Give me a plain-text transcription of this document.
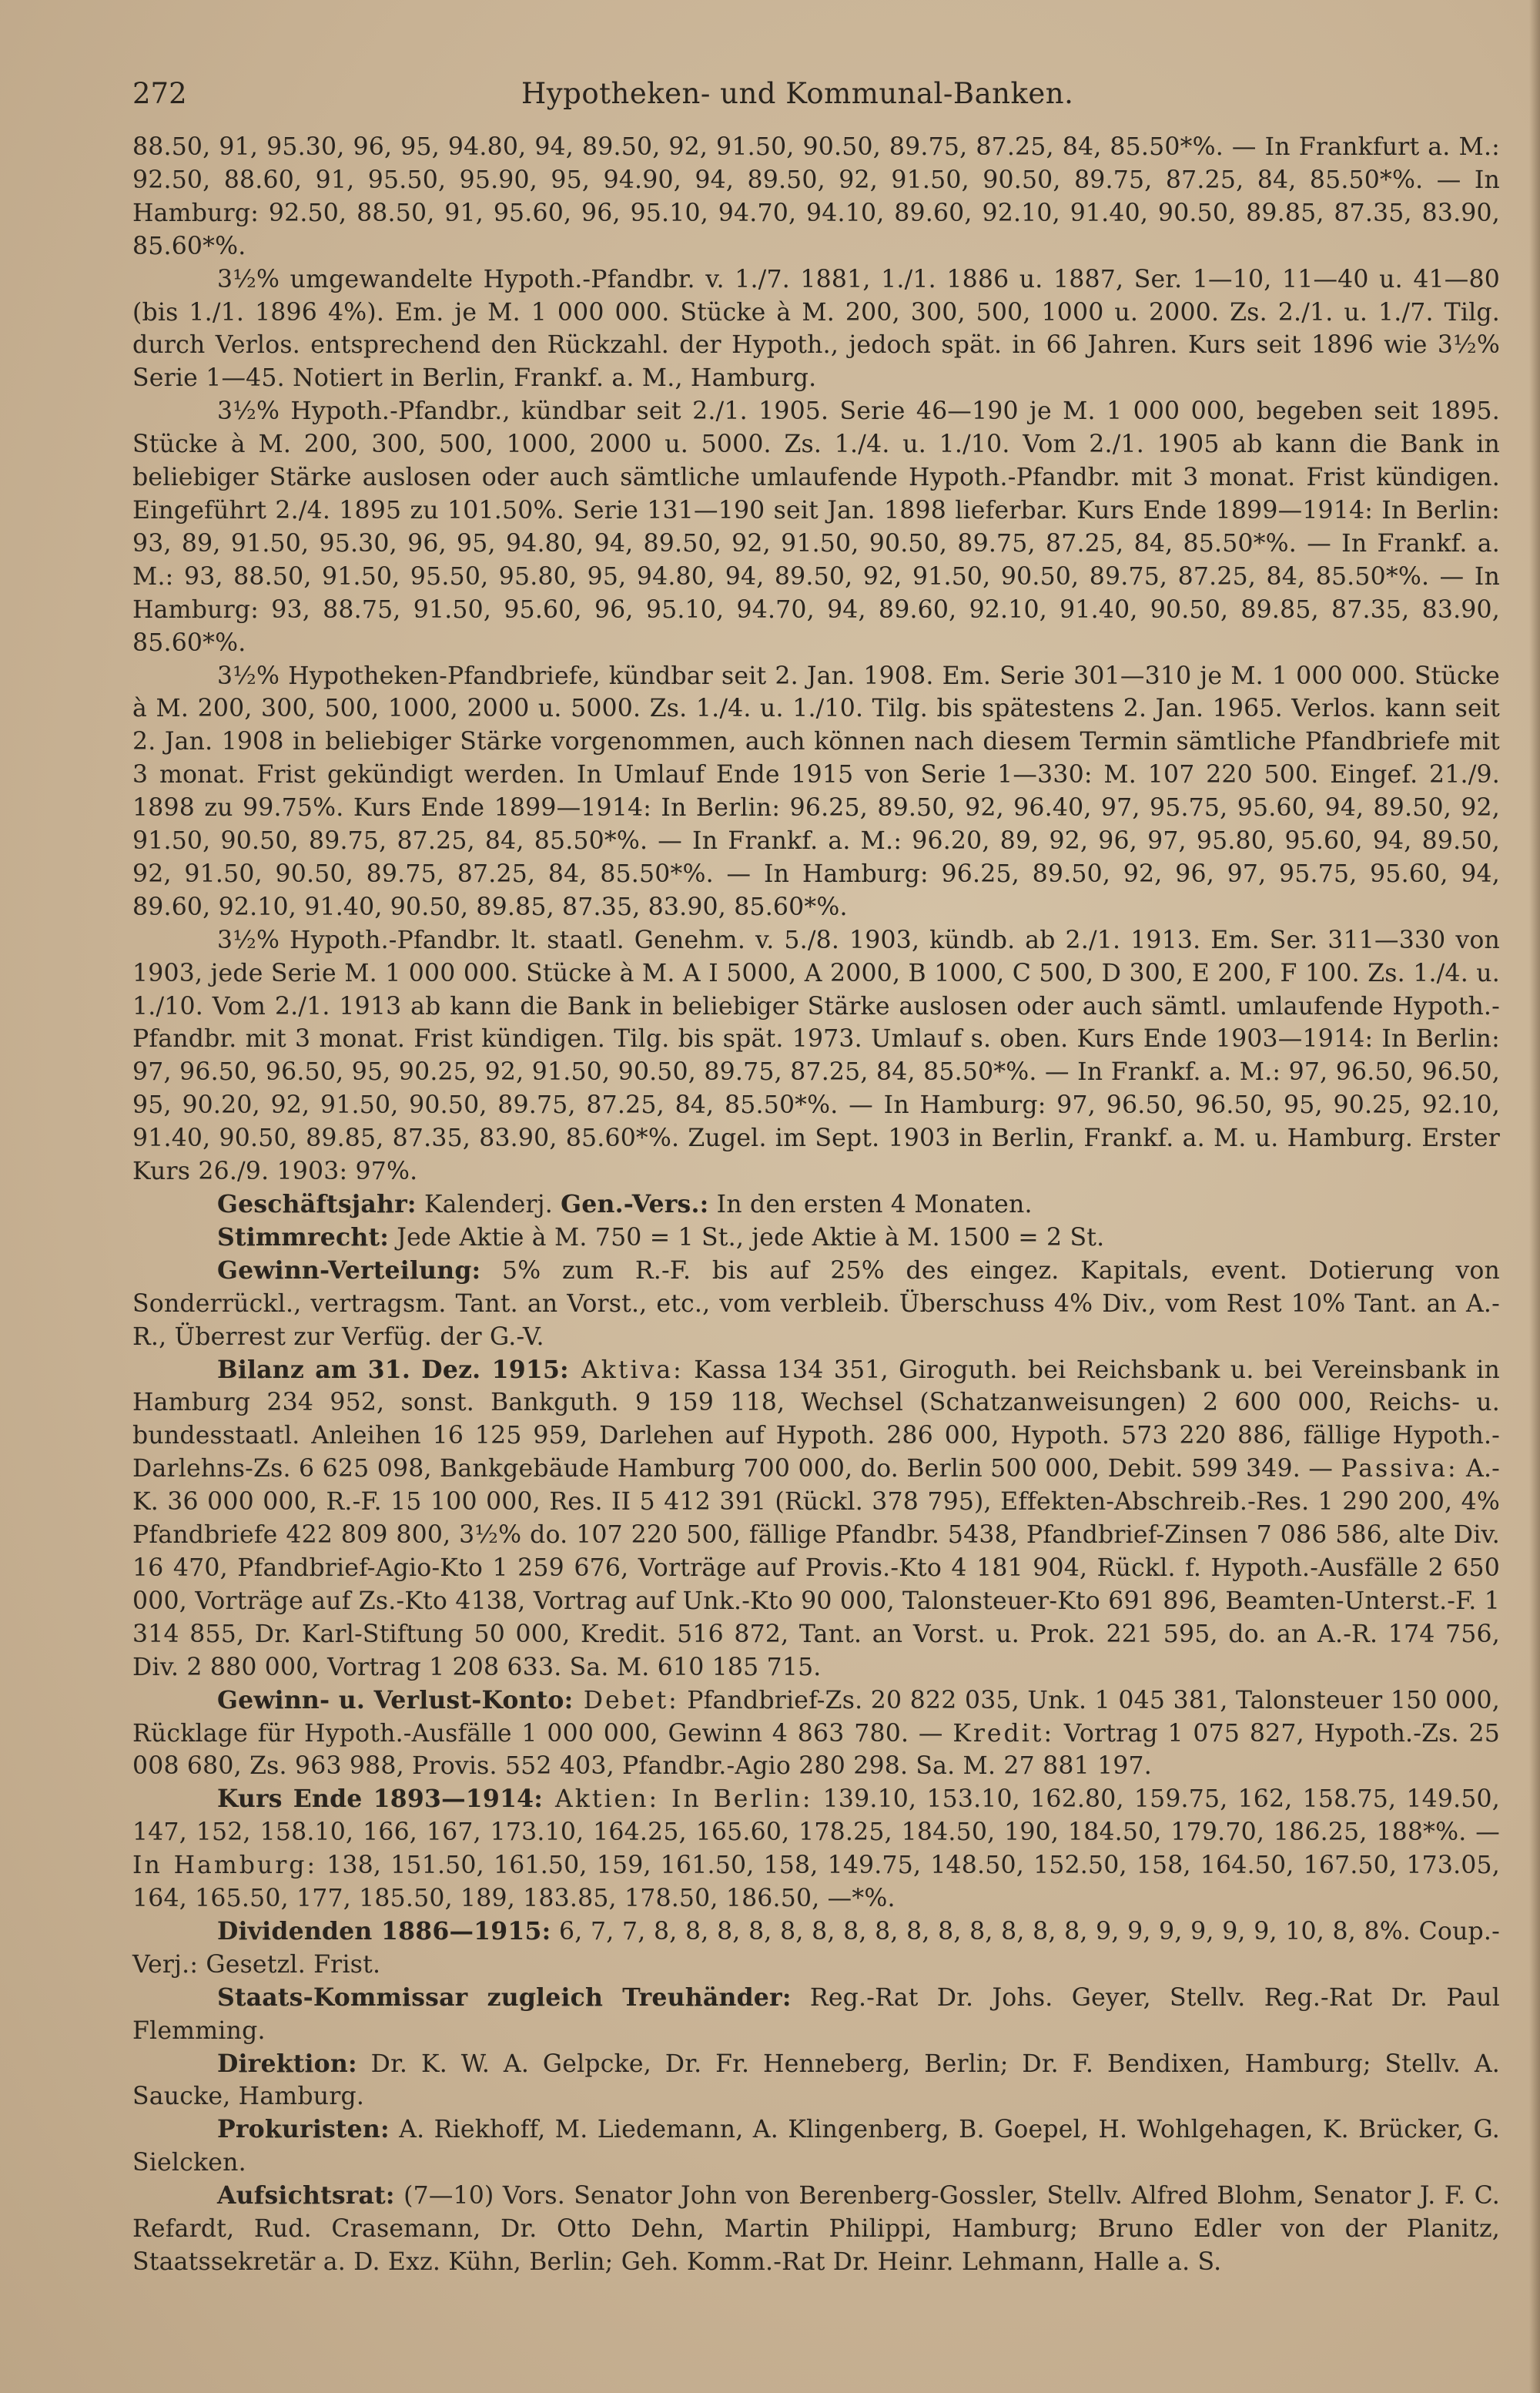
272	Hypotheken- und Kommunal-Banken.

88.50, 91, 95.30, 96, 95, 94.80, 94, 89.50, 92, 91.50, 90.50, 89.75, 87.25, 84, 85.50*%. — In Frankfurt a. M.: 92.50, 88.60, 91, 95.50, 95.90, 95, 94.90, 94, 89.50, 92, 91.50, 90.50, 89.75, 87.25, 84, 85.50*%. — In Hamburg: 92.50, 88.50, 91, 95.60, 96, 95.10, 94.70, 94.10, 89.60, 92.10, 91.40, 90.50, 89.85, 87.35, 83.90, 85.60*%.

3½% umgewandelte Hypoth.-Pfandbr. v. 1./7. 1881, 1./1. 1886 u. 1887, Ser. 1—10, 11—40 u. 41—80 (bis 1./1. 1896 4%). Em. je M. 1 000 000. Stücke à M. 200, 300, 500, 1000 u. 2000. Zs. 2./1. u. 1./7. Tilg. durch Verlos. entsprechend den Rückzahl. der Hypoth., jedoch spät. in 66 Jahren. Kurs seit 1896 wie 3½% Serie 1—45. Notiert in Berlin, Frankf. a. M., Hamburg.

3½% Hypoth.-Pfandbr., kündbar seit 2./1. 1905. Serie 46—190 je M. 1 000 000, begeben seit 1895. Stücke à M. 200, 300, 500, 1000, 2000 u. 5000. Zs. 1./4. u. 1./10. Vom 2./1. 1905 ab kann die Bank in beliebiger Stärke auslosen oder auch sämtliche umlaufende Hypoth.-Pfandbr. mit 3 monat. Frist kündigen. Eingeführt 2./4. 1895 zu 101.50%. Serie 131—190 seit Jan. 1898 lieferbar. Kurs Ende 1899—1914: In Berlin: 93, 89, 91.50, 95.30, 96, 95, 94.80, 94, 89.50, 92, 91.50, 90.50, 89.75, 87.25, 84, 85.50*%. — In Frankf. a. M.: 93, 88.50, 91.50, 95.50, 95.80, 95, 94.80, 94, 89.50, 92, 91.50, 90.50, 89.75, 87.25, 84, 85.50*%. — In Hamburg: 93, 88.75, 91.50, 95.60, 96, 95.10, 94.70, 94, 89.60, 92.10, 91.40, 90.50, 89.85, 87.35, 83.90, 85.60*%.

3½% Hypotheken-Pfandbriefe, kündbar seit 2. Jan. 1908. Em. Serie 301—310 je M. 1 000 000. Stücke à M. 200, 300, 500, 1000, 2000 u. 5000. Zs. 1./4. u. 1./10. Tilg. bis spätestens 2. Jan. 1965. Verlos. kann seit 2. Jan. 1908 in beliebiger Stärke vorgenommen, auch können nach diesem Termin sämtliche Pfandbriefe mit 3 monat. Frist gekündigt werden. In Umlauf Ende 1915 von Serie 1—330: M. 107 220 500. Eingef. 21./9. 1898 zu 99.75%. Kurs Ende 1899—1914: In Berlin: 96.25, 89.50, 92, 96.40, 97, 95.75, 95.60, 94, 89.50, 92, 91.50, 90.50, 89.75, 87.25, 84, 85.50*%. — In Frankf. a. M.: 96.20, 89, 92, 96, 97, 95.80, 95.60, 94, 89.50, 92, 91.50, 90.50, 89.75, 87.25, 84, 85.50*%. — In Hamburg: 96.25, 89.50, 92, 96, 97, 95.75, 95.60, 94, 89.60, 92.10, 91.40, 90.50, 89.85, 87.35, 83.90, 85.60*%.

3½% Hypoth.-Pfandbr. lt. staatl. Genehm. v. 5./8. 1903, kündb. ab 2./1. 1913. Em. Ser. 311—330 von 1903, jede Serie M. 1 000 000. Stücke à M. A I 5000, A 2000, B 1000, C 500, D 300, E 200, F 100. Zs. 1./4. u. 1./10. Vom 2./1. 1913 ab kann die Bank in beliebiger Stärke auslosen oder auch sämtl. umlaufende Hypoth.-Pfandbr. mit 3 monat. Frist kündigen. Tilg. bis spät. 1973. Umlauf s. oben. Kurs Ende 1903—1914: In Berlin: 97, 96.50, 96.50, 95, 90.25, 92, 91.50, 90.50, 89.75, 87.25, 84, 85.50*%. — In Frankf. a. M.: 97, 96.50, 96.50, 95, 90.20, 92, 91.50, 90.50, 89.75, 87.25, 84, 85.50*%. — In Hamburg: 97, 96.50, 96.50, 95, 90.25, 92.10, 91.40, 90.50, 89.85, 87.35, 83.90, 85.60*%. Zugel. im Sept. 1903 in Berlin, Frankf. a. M. u. Hamburg. Erster Kurs 26./9. 1903: 97%.

Geschäftsjahr: Kalenderj. Gen.-Vers.: In den ersten 4 Monaten.

Stimmrecht: Jede Aktie à M. 750 = 1 St., jede Aktie à M. 1500 = 2 St.

Gewinn-Verteilung: 5% zum R.-F. bis auf 25% des eingez. Kapitals, event. Dotierung von Sonderrückl., vertragsm. Tant. an Vorst., etc., vom verbleib. Überschuss 4% Div., vom Rest 10% Tant. an A.-R., Überrest zur Verfüg. der G.-V.

Bilanz am 31. Dez. 1915: Aktiva: Kassa 134 351, Giroguth. bei Reichsbank u. bei Vereinsbank in Hamburg 234 952, sonst. Bankguth. 9 159 118, Wechsel (Schatzanweisungen) 2 600 000, Reichs- u. bundesstaatl. Anleihen 16 125 959, Darlehen auf Hypoth. 286 000, Hypoth. 573 220 886, fällige Hypoth.-Darlehns-Zs. 6 625 098, Bankgebäude Hamburg 700 000, do. Berlin 500 000, Debit. 599 349. — Passiva: A.-K. 36 000 000, R.-F. 15 100 000, Res. II 5 412 391 (Rückl. 378 795), Effekten-Abschreib.-Res. 1 290 200, 4% Pfandbriefe 422 809 800, 3½% do. 107 220 500, fällige Pfandbr. 5438, Pfandbrief-Zinsen 7 086 586, alte Div. 16 470, Pfandbrief-Agio-Kto 1 259 676, Vorträge auf Provis.-Kto 4 181 904, Rückl. f. Hypoth.-Ausfälle 2 650 000, Vorträge auf Zs.-Kto 4138, Vortrag auf Unk.-Kto 90 000, Talonsteuer-Kto 691 896, Beamten-Unterst.-F. 1 314 855, Dr. Karl-Stiftung 50 000, Kredit. 516 872, Tant. an Vorst. u. Prok. 221 595, do. an A.-R. 174 756, Div. 2 880 000, Vortrag 1 208 633. Sa. M. 610 185 715.

Gewinn- u. Verlust-Konto: Debet: Pfandbrief-Zs. 20 822 035, Unk. 1 045 381, Talonsteuer 150 000, Rücklage für Hypoth.-Ausfälle 1 000 000, Gewinn 4 863 780. — Kredit: Vortrag 1 075 827, Hypoth.-Zs. 25 008 680, Zs. 963 988, Provis. 552 403, Pfandbr.-Agio 280 298. Sa. M. 27 881 197.

Kurs Ende 1893—1914: Aktien: In Berlin: 139.10, 153.10, 162.80, 159.75, 162, 158.75, 149.50, 147, 152, 158.10, 166, 167, 173.10, 164.25, 165.60, 178.25, 184.50, 190, 184.50, 179.70, 186.25, 188*%. — In Hamburg: 138, 151.50, 161.50, 159, 161.50, 158, 149.75, 148.50, 152.50, 158, 164.50, 167.50, 173.05, 164, 165.50, 177, 185.50, 189, 183.85, 178.50, 186.50, —*%.

Dividenden 1886—1915: 6, 7, 7, 8, 8, 8, 8, 8, 8, 8, 8, 8, 8, 8, 8, 8, 8, 9, 9, 9, 9, 9, 9, 10, 8, 8%. Coup.-Verj.: Gesetzl. Frist.

Staats-Kommissar zugleich Treuhänder: Reg.-Rat Dr. Johs. Geyer, Stellv. Reg.-Rat Dr. Paul Flemming.

Direktion: Dr. K. W. A. Gelpcke, Dr. Fr. Henneberg, Berlin; Dr. F. Bendixen, Hamburg; Stellv. A. Saucke, Hamburg.

Prokuristen: A. Riekhoff, M. Liedemann, A. Klingenberg, B. Goepel, H. Wohlgehagen, K. Brücker, G. Sielcken.

Aufsichtsrat: (7—10) Vors. Senator John von Berenberg-Gossler, Stellv. Alfred Blohm, Senator J. F. C. Refardt, Rud. Crasemann, Dr. Otto Dehn, Martin Philippi, Hamburg; Bruno Edler von der Planitz, Staatssekretär a. D. Exz. Kühn, Berlin; Geh. Komm.-Rat Dr. Heinr. Lehmann, Halle a. S.
